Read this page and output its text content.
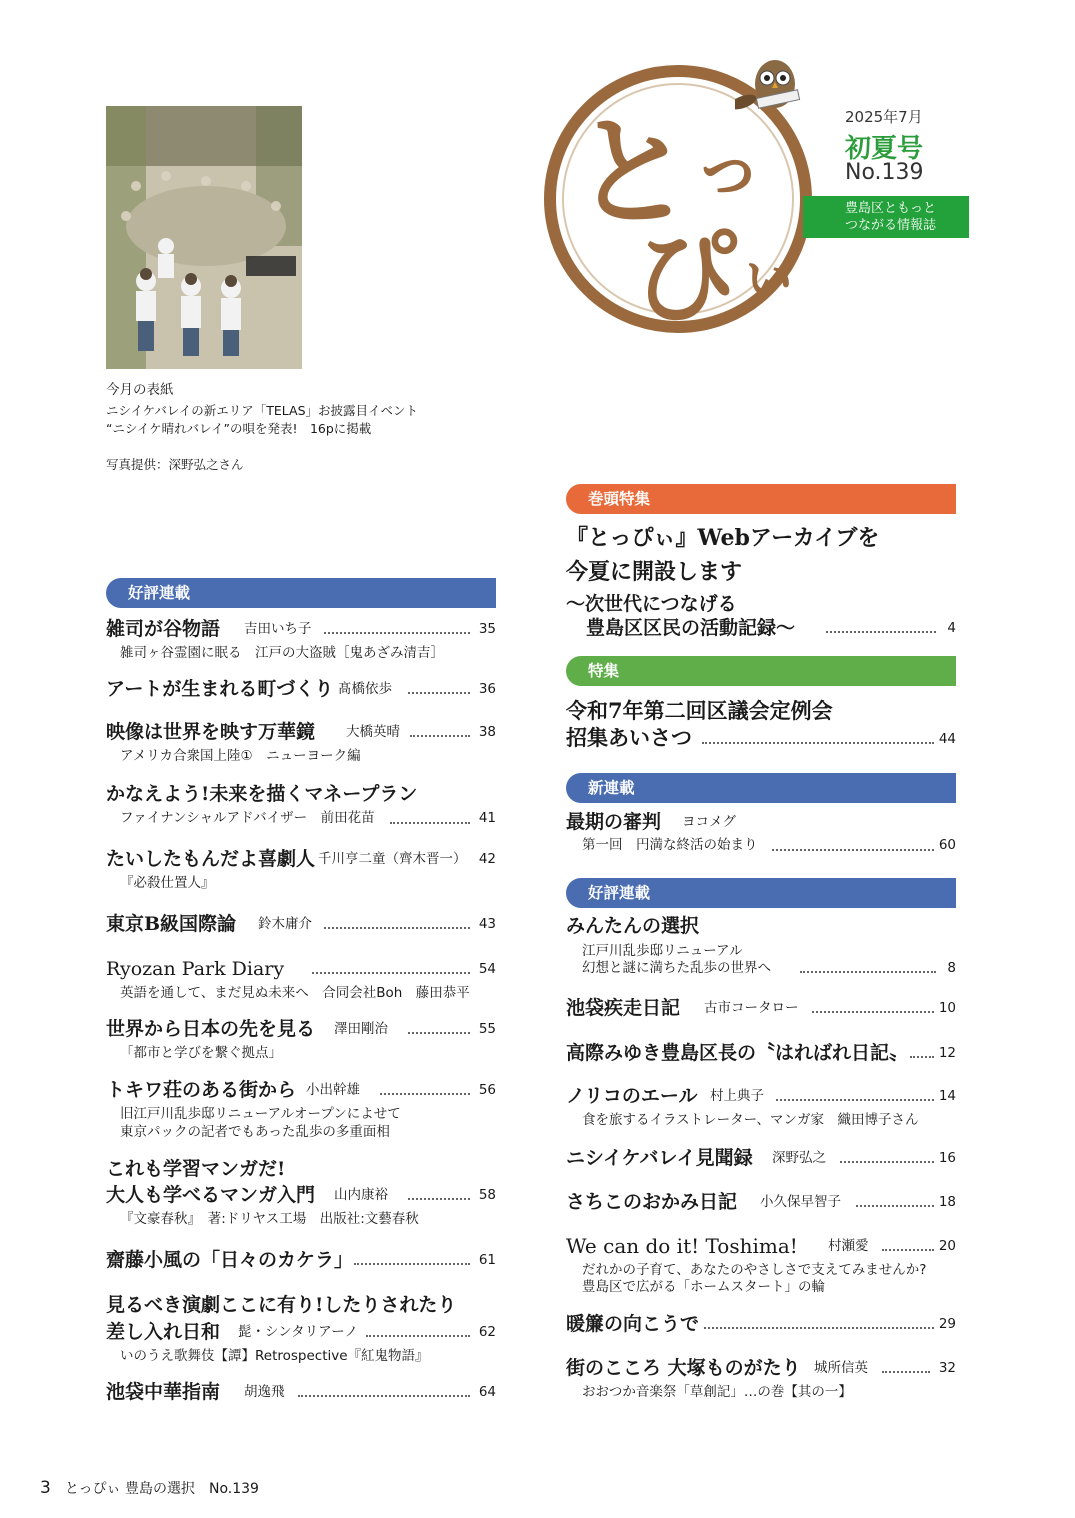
今月の表紙
ニシイケバレイの新エリア「TELAS」お披露目イベント
“ニシイケ晴れバレイ”の唄を発表!　16pに掲載
写真提供：深野弘之さん
と っ
ぴ ぃ
2025年7月
初夏号
No.139
豊島区ともっと
つながる情報誌
好評連載
雑司が谷物語 吉田いち子	35
雑司ヶ谷霊園に眠る　江戸の大盗賊［鬼あざみ清吉］
アートが生まれる町づくり 髙橋依歩	36
映像は世界を映す万華鏡 大橋英晴	38
アメリカ合衆国上陸①　ニューヨーク編
かなえよう!未来を描くマネープラン
ファイナンシャルアドバイザー　前田花苗	41
たいしたもんだよ喜劇人 千川亨二童（齊木晋一） 42
『必殺仕置人』
東京B級国際論 鈴木庸介	43
Ryozan Park Diary	54
英語を通して、まだ見ぬ未来へ　合同会社Boh　藤田恭平
世界から日本の先を見る 澤田剛治	55
「都市と学びを繋ぐ拠点」
トキワ荘のある街から 小出幹雄	56
旧江戸川乱歩邸リニューアルオープンによせて
東京パックの記者でもあった乱歩の多重面相
これも学習マンガだ!
大人も学べるマンガ入門 山内康裕	58
『文豪春秋』　著:ドリヤス工場　出版社:文藝春秋
齋藤小風の「日々のカケラ」	61
見るべき演劇ここに有り!したりされたり
差し入れ日和 髭・シンタリアーノ	62
いのうえ歌舞伎【譚】Retrospective『紅鬼物語』
池袋中華指南 胡逸飛	64
巻頭特集
『とっぴぃ』Webアーカイブを
今夏に開設します
～次世代につなげる
豊島区区民の活動記録～	4
特集
令和7年第二回区議会定例会
招集あいさつ	44
新連載
最期の審判 ヨコメグ
第一回　円満な終活の始まり	60
好評連載
みんたんの選択
江戸川乱歩邸リニューアル
幻想と謎に満ちた乱歩の世界へ	8
池袋疾走日記 古市コータロー	10
高際みゆき豊島区長の〝はればれ日記〟	12
ノリコのエール 村上典子	14
食を旅するイラストレーター、マンガ家　織田博子さん
ニシイケバレイ見聞録 深野弘之	16
さちこのおかみ日記 小久保早智子	18
We can do it! Toshima! 村瀬愛	20
だれかの子育て、あなたのやさしさで支えてみませんか?
豊島区で広がる「ホームスタート」の輪
暖簾の向こうで	29
街のこころ 大塚ものがたり 城所信英	32
おおつか音楽祭「草創記」…の巻【其の一】
3 とっぴぃ 豊島の選択　No.139
